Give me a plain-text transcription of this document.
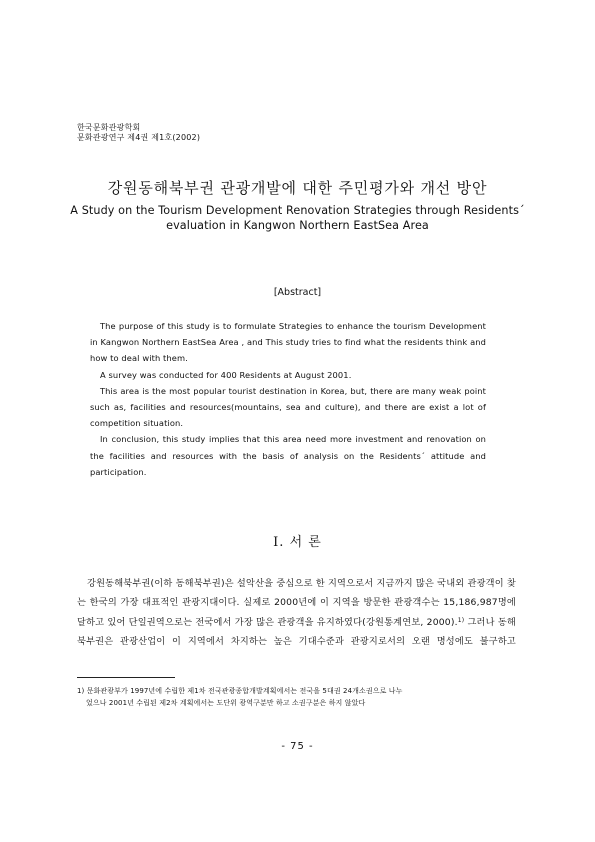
한국문화관광학회
문화관광연구 제4권 제1호(2002)
강원동해북부권 관광개발에 대한 주민평가와 개선 방안
A Study on the Tourism Development Renovation Strategies through Residents´ evaluation in Kangwon Northern EastSea Area
[Abstract]

The purpose of this study is to formulate Strategies to enhance the tourism Development in Kangwon Northern EastSea Area , and This study tries to find what the residents think and how to deal with them.

A survey was conducted for 400 Residents at August 2001.

This area is the most popular tourist destination in Korea, but, there are many weak point such as, facilities and resources(mountains, sea and culture), and there are exist a lot of competition situation.

In conclusion, this study implies that this area need more investment and renovation on the facilities and resources with the basis of analysis on the Residents´ attitude and participation.

Ⅰ. 서 론

강원동해북부권(이하 동해북부권)은 설악산을 중심으로 한 지역으로서 지금까지 많은 국내외 관광객이 찾는 한국의 가장 대표적인 관광지대이다. 실제로 2000년에 이 지역을 방문한 관광객수는 15,186,987명에 달하고 있어 단일권역으로는 전국에서 가장 많은 관광객을 유지하였다(강원통계연보, 2000).$^{1)}$ 그러나 동해북부권은 관광산업이 이 지역에서 차지하는 높은 기대수준과 관광지로서의 오랜 명성에도 불구하고

1) 문화관광부가 1997년에 수립한 제1차 전국관광종합개발계획에서는 전국을 5대권 24개소권으로 나누
었으나 2001년 수립된 제2차 계획에서는 도단위 광역구분만 하고 소권구분은 하지 않았다
- 75 -
